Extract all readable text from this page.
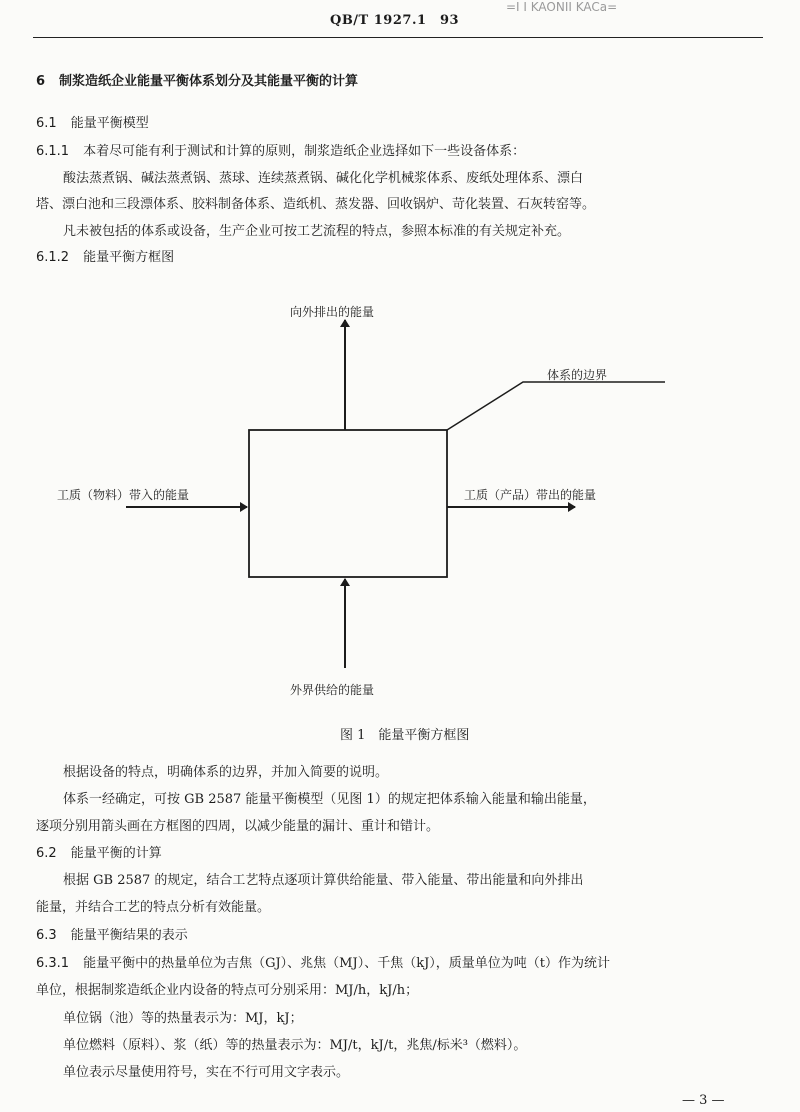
QB/T 1927.1　93
=I I KAONII KACa=
6 制浆造纸企业能量平衡体系划分及其能量平衡的计算
6.1 能量平衡模型
6.1.1 本着尽可能有利于测试和计算的原则，制浆造纸企业选择如下一些设备体系：
酸法蒸煮锅、碱法蒸煮锅、蒸球、连续蒸煮锅、碱化化学机械浆体系、废纸处理体系、漂白
塔、漂白池和三段漂体系、胶料制备体系、造纸机、蒸发器、回收锅炉、苛化装置、石灰转窑等。
凡未被包括的体系或设备，生产企业可按工艺流程的特点，参照本标准的有关规定补充。
6.1.2 能量平衡方框图
向外排出的能量
体系的边界
工质（物料）带入的能量	工质（产品）带出的能量
外界供给的能量
图 1　能量平衡方框图
根据设备的特点，明确体系的边界，并加入简要的说明。
体系一经确定，可按 GB 2587 能量平衡模型（见图 1）的规定把体系输入能量和输出能量，
逐项分别用箭头画在方框图的四周，以减少能量的漏计、重计和错计。
6.2 能量平衡的计算
根据 GB 2587 的规定，结合工艺特点逐项计算供给能量、带入能量、带出能量和向外排出
能量，并结合工艺的特点分析有效能量。
6.3 能量平衡结果的表示
6.3.1 能量平衡中的热量单位为吉焦（GJ）、兆焦（MJ）、千焦（kJ），质量单位为吨（t）作为统计
单位，根据制浆造纸企业内设备的特点可分别采用：MJ/h，kJ/h；
单位锅（池）等的热量表示为：MJ，kJ；
单位燃料（原料）、浆（纸）等的热量表示为：MJ/t，kJ/t，兆焦/标米³（燃料）。
单位表示尽量使用符号，实在不行可用文字表示。
— 3 —
